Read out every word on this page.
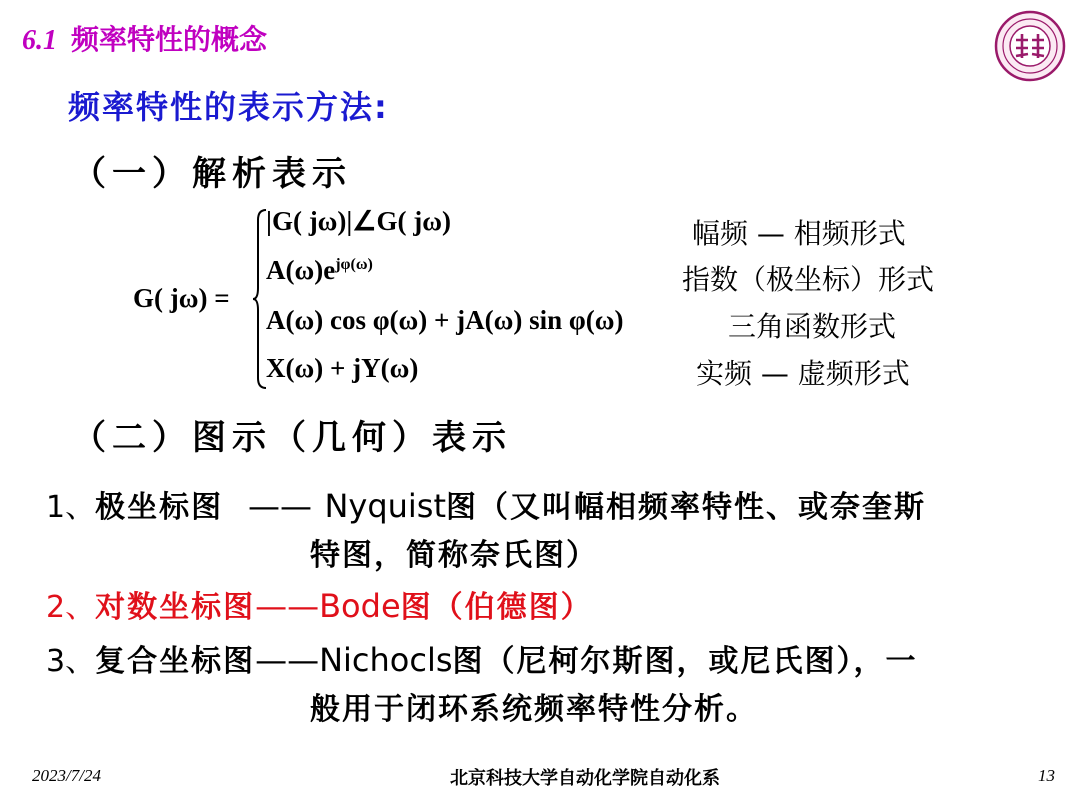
6.1 频率特性的概念
频率特性的表示方法:
（一）解析表示
G( jω) =
|G( jω)|∠G( jω)
$A(\omega)e^{j\varphi(\omega)}$
A(ω) cos φ(ω) + jA(ω) sin φ(ω)
X(ω) + jY(ω)
幅频 — 相频形式
指数（极坐标）形式
三角函数形式
实频 — 虚频形式
（二）图示（几何）表示
1、极坐标图 —— Nyquist图（又叫幅相频率特性、或奈奎斯
特图，简称奈氏图）
2、对数坐标图——Bode图（伯德图）
3、复合坐标图——Nichocls图（尼柯尔斯图，或尼氏图），一
般用于闭环系统频率特性分析。
2023/7/24	北京科技大学自动化学院自动化系	13
